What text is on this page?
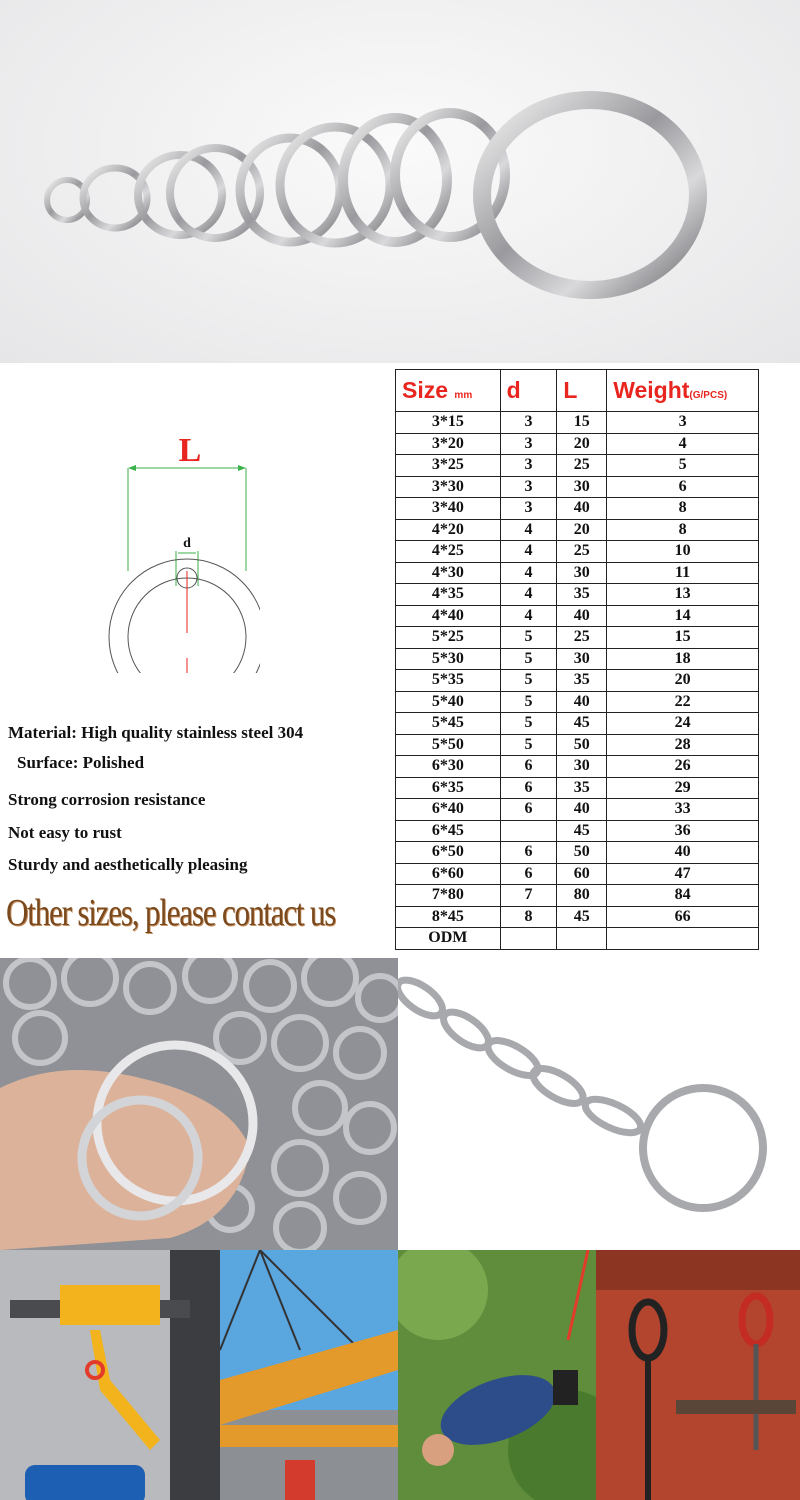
L
d
Material: High quality stainless steel 304
Surface: Polished
Strong corrosion resistance
Not easy to rust
Sturdy and aesthetically pleasing
Other sizes, please contact us
Size mm	d	L	Weight(G/PCS)
3*15	3	15	3
3*20	3	20	4
3*25	3	25	5
3*30	3	30	6
3*40	3	40	8
4*20	4	20	8
4*25	4	25	10
4*30	4	30	11
4*35	4	35	13
4*40	4	40	14
5*25	5	25	15
5*30	5	30	18
5*35	5	35	20
5*40	5	40	22
5*45	5	45	24
5*50	5	50	28
6*30	6	30	26
6*35	6	35	29
6*40	6	40	33
6*45		45	36
6*50	6	50	40
6*60	6	60	47
7*80	7	80	84
8*45	8	45	66
ODM			
